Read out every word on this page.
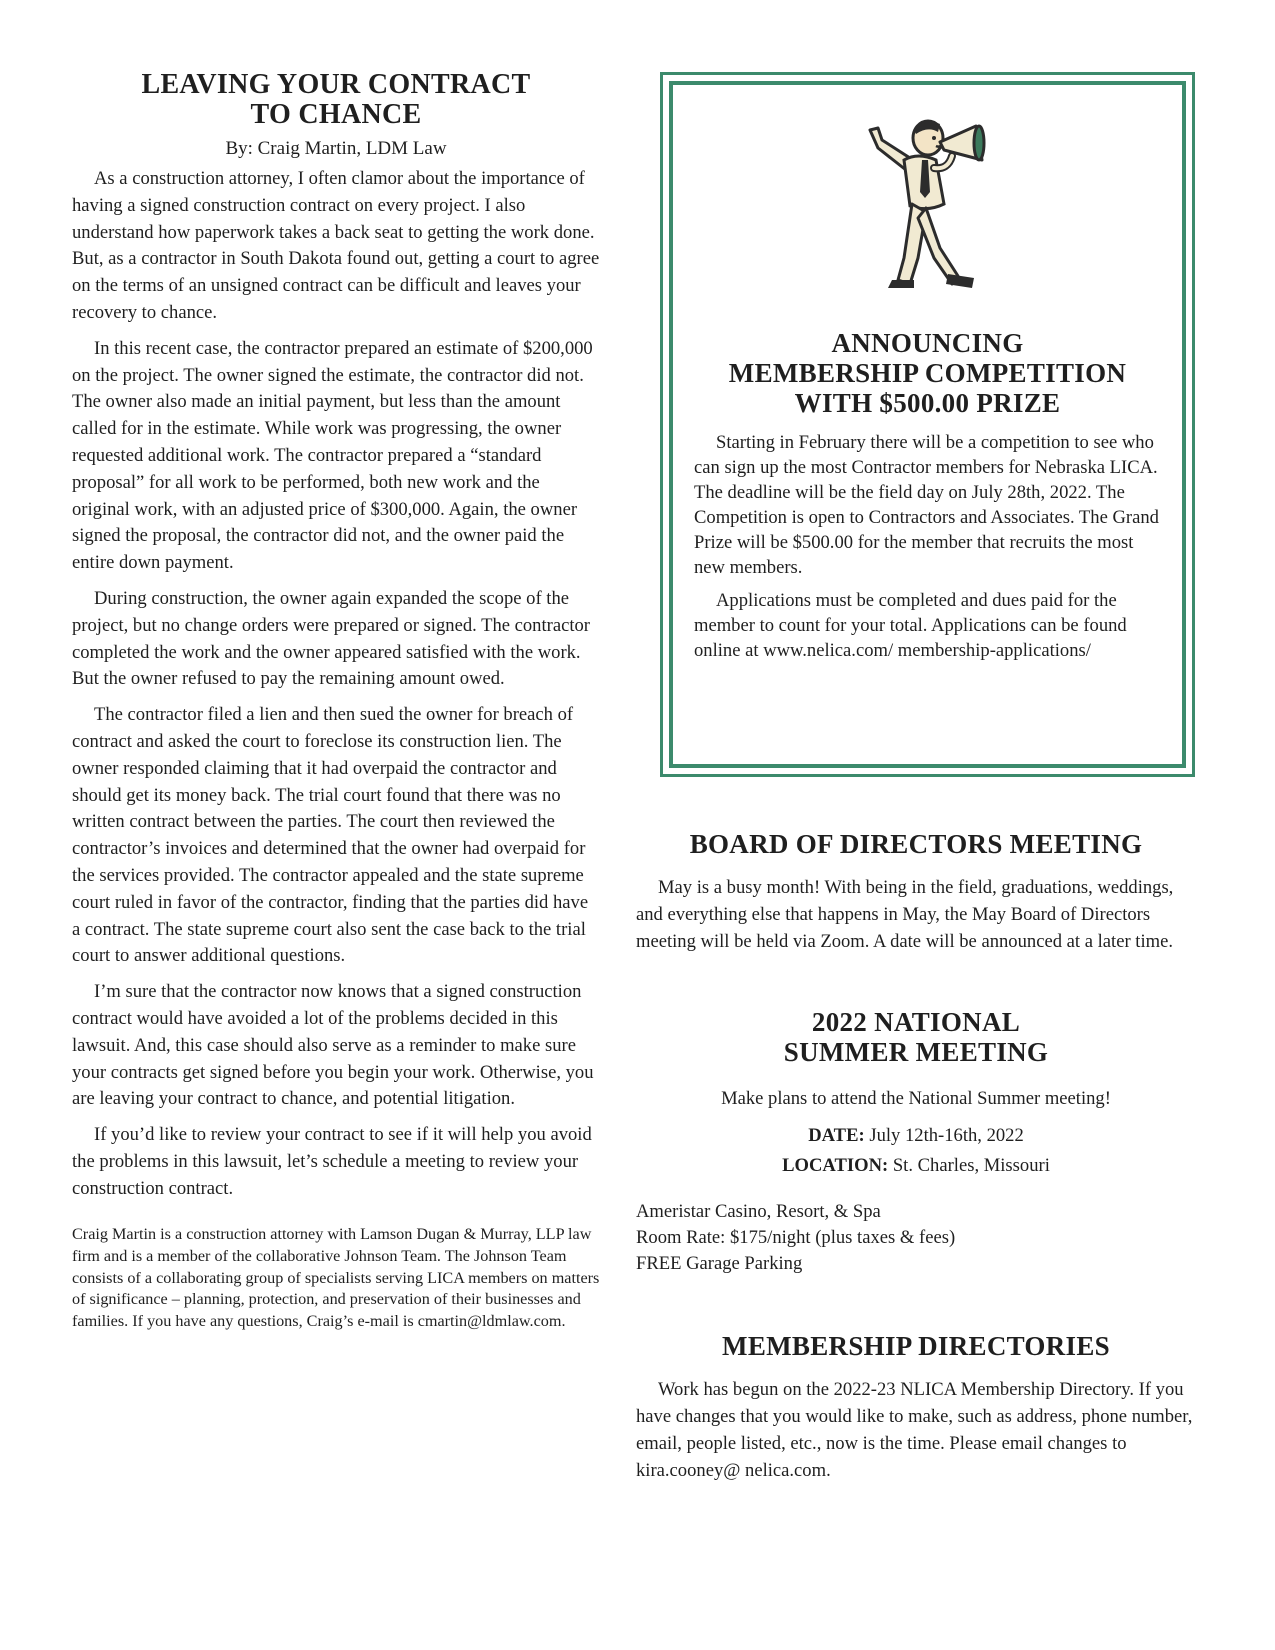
LEAVING YOUR CONTRACT
TO CHANCE
By: Craig Martin, LDM Law

As a construction attorney, I often clamor about the importance of having a signed construction contract on every project. I also understand how paperwork takes a back seat to getting the work done. But, as a contractor in South Dakota found out, getting a court to agree on the terms of an unsigned contract can be difficult and leaves your recovery to chance.

In this recent case, the contractor prepared an estimate of $200,000 on the project. The owner signed the estimate, the contractor did not. The owner also made an initial payment, but less than the amount called for in the estimate. While work was progressing, the owner requested additional work. The contractor prepared a “standard proposal” for all work to be performed, both new work and the original work, with an adjusted price of $300,000. Again, the owner signed the proposal, the contractor did not, and the owner paid the entire down payment.

During construction, the owner again expanded the scope of the project, but no change orders were prepared or signed. The contractor completed the work and the owner appeared satisfied with the work. But the owner refused to pay the remaining amount owed.

The contractor filed a lien and then sued the owner for breach of contract and asked the court to foreclose its construction lien. The owner responded claiming that it had overpaid the contractor and should get its money back. The trial court found that there was no written contract between the parties. The court then reviewed the contractor’s invoices and determined that the owner had overpaid for the services provided. The contractor appealed and the state supreme court ruled in favor of the contractor, finding that the parties did have a contract. The state supreme court also sent the case back to the trial court to answer additional questions.

I’m sure that the contractor now knows that a signed construction contract would have avoided a lot of the problems decided in this lawsuit. And, this case should also serve as a reminder to make sure your contracts get signed before you begin your work. Otherwise, you are leaving your contract to chance, and potential litigation.

If you’d like to review your contract to see if it will help you avoid the problems in this lawsuit, let’s schedule a meeting to review your construction contract.

Craig Martin is a construction attorney with Lamson Dugan & Murray, LLP law firm and is a member of the collaborative Johnson Team. The Johnson Team consists of a collaborating group of specialists serving LICA members on matters of significance – planning, protection, and preservation of their businesses and families. If you have any questions, Craig’s e-mail is cmartin@ldmlaw.com.

ANNOUNCING
MEMBERSHIP COMPETITION
WITH $500.00 PRIZE

Starting in February there will be a competition to see who can sign up the most Contractor members for Nebraska LICA. The deadline will be the field day on July 28th, 2022. The Competition is open to Contractors and Associates. The Grand Prize will be $500.00 for the member that recruits the most new members.

Applications must be completed and dues paid for the member to count for your total. Applications can be found online at www.nelica.com/ membership-applications/

BOARD OF DIRECTORS MEETING

May is a busy month! With being in the field, graduations, weddings, and everything else that happens in May, the May Board of Directors meeting will be held via Zoom. A date will be announced at a later time.

2022 NATIONAL
SUMMER MEETING
Make plans to attend the National Summer meeting!
DATE: July 12th-16th, 2022
LOCATION: St. Charles, Missouri
Ameristar Casino, Resort, & Spa
Room Rate: $175/night (plus taxes & fees)
FREE Garage Parking
MEMBERSHIP DIRECTORIES

Work has begun on the 2022-23 NLICA Membership Directory. If you have changes that you would like to make, such as address, phone number, email, people listed, etc., now is the time. Please email changes to kira.cooney@ nelica.com.
